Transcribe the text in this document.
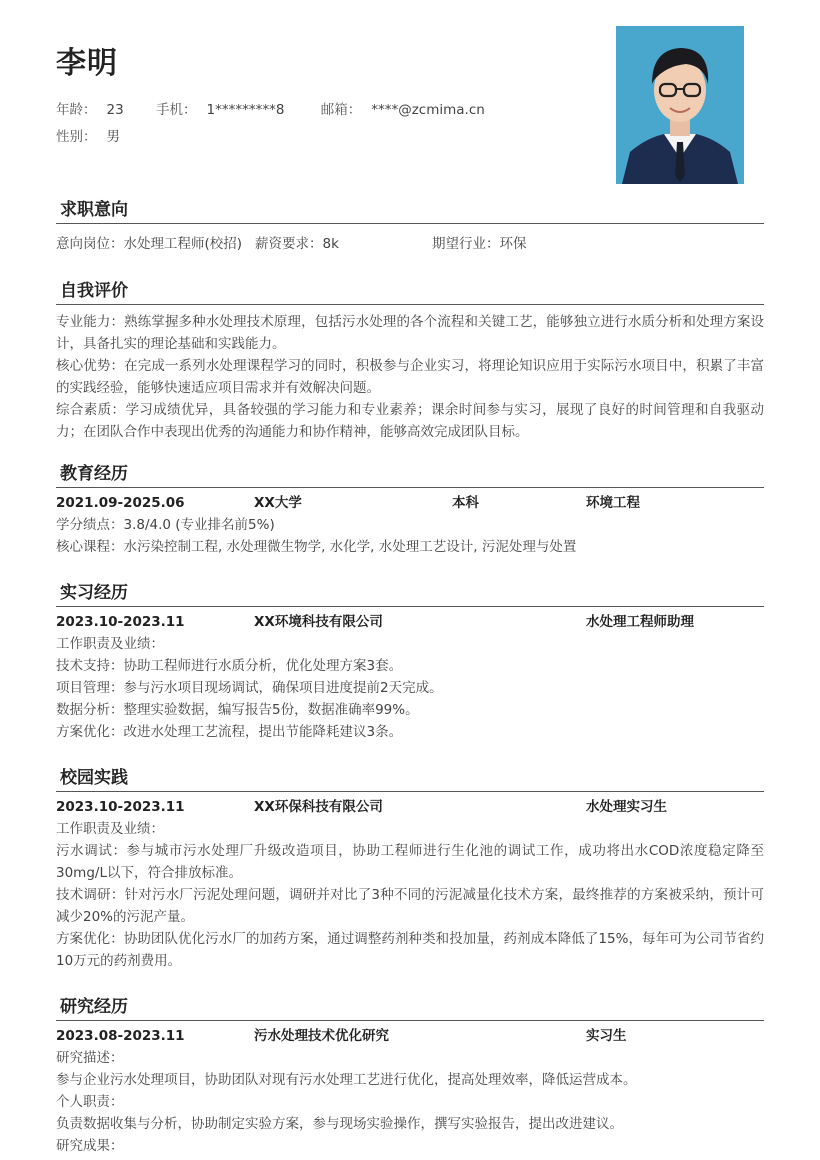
李明
年龄： 23 手机： 1*********8	邮箱： ****@zcmima.cn
性别： 男
求职意向
意向岗位：水处理工程师(校招) 薪资要求：8k	期望行业：环保
自我评价
专业能力：熟练掌握多种水处理技术原理，包括污水处理的各个流程和关键工艺，能够独立进行水质分析和处理方案设计，具备扎实的理论基础和实践能力。
核心优势：在完成一系列水处理课程学习的同时，积极参与企业实习，将理论知识应用于实际污水项目中，积累了丰富的实践经验，能够快速适应项目需求并有效解决问题。
综合素质：学习成绩优异，具备较强的学习能力和专业素养；课余时间参与实习，展现了良好的时间管理和自我驱动力；在团队合作中表现出优秀的沟通能力和协作精神，能够高效完成团队目标。
教育经历
2021.09-2025.06	XX大学	本科	环境工程
学分绩点：3.8/4.0 (专业排名前5%)
核心课程：水污染控制工程, 水处理微生物学, 水化学, 水处理工艺设计, 污泥处理与处置
实习经历
2023.10-2023.11	XX环境科技有限公司	水处理工程师助理
工作职责及业绩：
技术支持：协助工程师进行水质分析，优化处理方案3套。
项目管理：参与污水项目现场调试，确保项目进度提前2天完成。
数据分析：整理实验数据，编写报告5份，数据准确率99%。
方案优化：改进水处理工艺流程，提出节能降耗建议3条。
校园实践
2023.10-2023.11	XX环保科技有限公司	水处理实习生
工作职责及业绩：
污水调试：参与城市污水处理厂升级改造项目，协助工程师进行生化池的调试工作，成功将出水COD浓度稳定降至30mg/L以下，符合排放标准。
技术调研：针对污水厂污泥处理问题，调研并对比了3种不同的污泥减量化技术方案，最终推荐的方案被采纳，预计可减少20%的污泥产量。
方案优化：协助团队优化污水厂的加药方案，通过调整药剂种类和投加量，药剂成本降低了15%，每年可为公司节省约10万元的药剂费用。
研究经历
2023.08-2023.11	污水处理技术优化研究	实习生
研究描述：
参与企业污水处理项目，协助团队对现有污水处理工艺进行优化，提高处理效率，降低运营成本。
个人职责：
负责数据收集与分析，协助制定实验方案，参与现场实验操作，撰写实验报告，提出改进建议。
研究成果：
